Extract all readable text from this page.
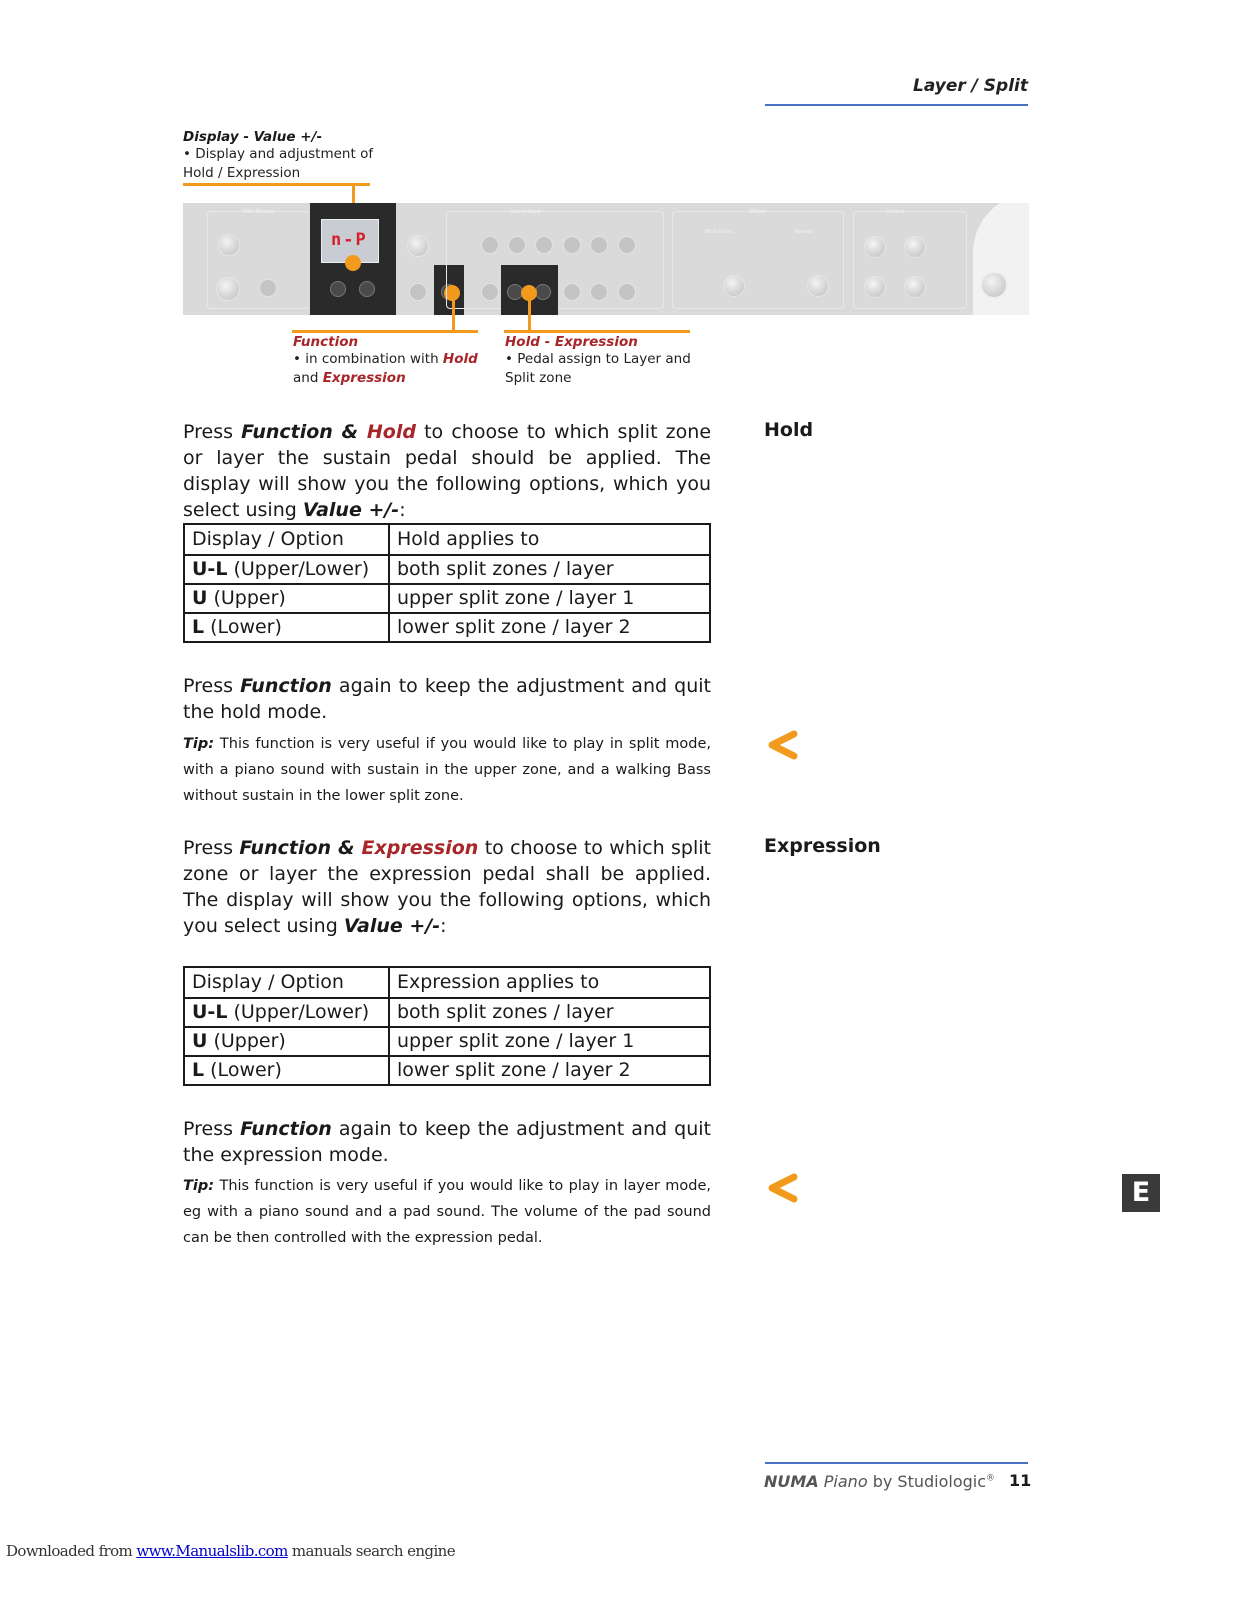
Layer / Split
Display - Value +/-
• Display and adjustment of
Hold / Expression
MIDI Module
n-P
Sound Bank	Effects
Modulation	Reverb
Output
Function
• in combination with Hold
and Expression
Hold - Expression
• Pedal assign to Layer and
Split zone
Hold
Press Function & Hold to choose to which split zone or layer the sustain pedal should be applied. The display will show you the following options, which you select using Value +/-:
Display / Option	Hold applies to
U-L (Upper/Lower)	both split zones / layer
U (Upper)	upper split zone / layer 1
L (Lower)	lower split zone / layer 2
Press Function again to keep the adjustment and quit the hold mode.
Tip: This function is very useful if you would like to play in split mode, with a piano sound with sustain in the upper zone, and a walking Bass without sustain in the lower split zone.
Expression
Press Function & Expression to choose to which split zone or layer the expression pedal shall be applied. The display will show you the following options, which you select using Value +/-:
Display / Option	Expression applies to
U-L (Upper/Lower)	both split zones / layer
U (Upper)	upper split zone / layer 1
L (Lower)	lower split zone / layer 2
Press Function again to keep the adjustment and quit the expression mode.
Tip: This function is very useful if you would like to play in layer mode, eg with a piano sound and a pad sound. The volume of the pad sound can be then controlled with the expression pedal.
E
NUMA Piano by Studiologic® 11
Downloaded from www.Manualslib.com manuals search engine
